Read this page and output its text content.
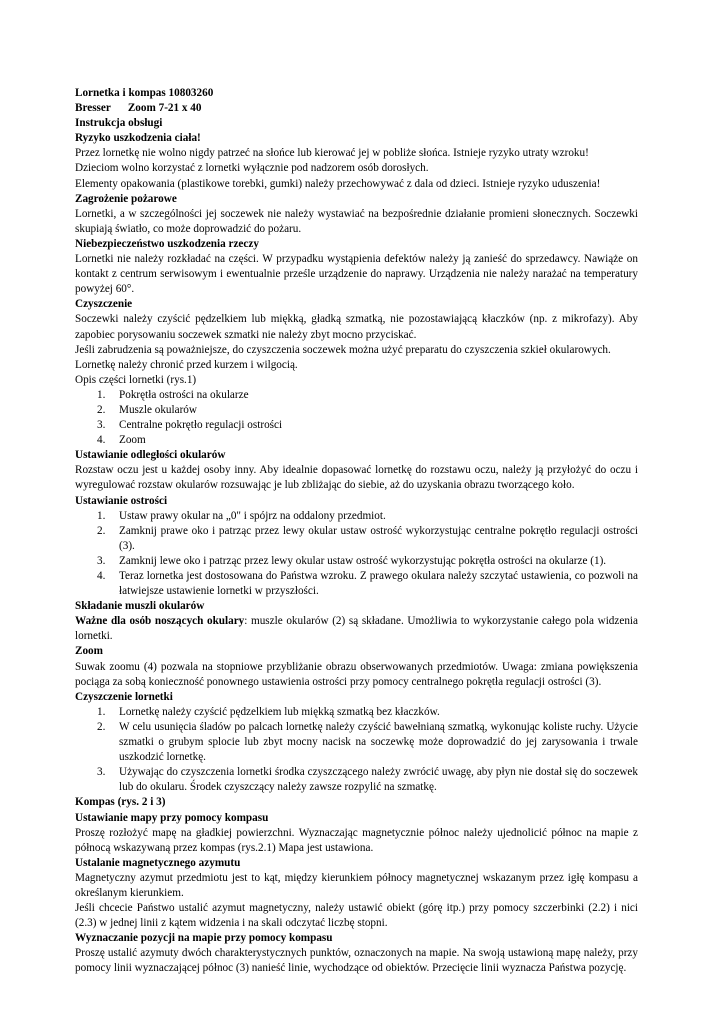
Lornetka i kompas 10803260
Bresser Zoom 7-21 x 40
Instrukcja obsługi
Ryzyko uszkodzenia ciała!

Przez lornetkę nie wolno nigdy patrzeć na słońce lub kierować jej w pobliże słońca. Istnieje ryzyko utraty wzroku!

Dzieciom wolno korzystać z lornetki wyłącznie pod nadzorem osób dorosłych.

Elementy opakowania (plastikowe torebki, gumki) należy przechowywać z dala od dzieci. Istnieje ryzyko uduszenia!

Zagrożenie pożarowe

Lornetki, a w szczególności jej soczewek nie należy wystawiać na bezpośrednie działanie promieni słonecznych. Soczewki skupiają światło, co może doprowadzić do pożaru.

Niebezpieczeństwo uszkodzenia rzeczy

Lornetki nie należy rozkładać na części. W przypadku wystąpienia defektów należy ją zanieść do sprzedawcy. Nawiąże on kontakt z centrum serwisowym i ewentualnie prześle urządzenie do naprawy. Urządzenia nie należy narażać na temperatury powyżej 60°.

Czyszczenie

Soczewki należy czyścić pędzelkiem lub miękką, gładką szmatką, nie pozostawiającą kłaczków (np. z mikrofazy). Aby zapobiec porysowaniu soczewek szmatki nie należy zbyt mocno przyciskać.

Jeśli zabrudzenia są poważniejsze, do czyszczenia soczewek można użyć preparatu do czyszczenia szkieł okularowych.

Lornetkę należy chronić przed kurzem i wilgocią.

Opis części lornetki (rys.1)

1. Pokrętła ostrości na okularze
2. Muszle okularów
3. Centralne pokrętło regulacji ostrości
4. Zoom
Ustawianie odległości okularów

Rozstaw oczu jest u każdej osoby inny. Aby idealnie dopasować lornetkę do rozstawu oczu, należy ją przyłożyć do oczu i wyregulować rozstaw okularów rozsuwając je lub zbliżając do siebie, aż do uzyskania obrazu tworzącego koło.

Ustawianie ostrości
1. Ustaw prawy okular na „0" i spójrz na oddalony przedmiot.
2. Zamknij prawe oko i patrząc przez lewy okular ustaw ostrość wykorzystując centralne pokrętło regulacji ostrości (3).
3. Zamknij lewe oko i patrząc przez lewy okular ustaw ostrość wykorzystując pokrętła ostrości na okularze (1).
4. Teraz lornetka jest dostosowana do Państwa wzroku. Z prawego okulara należy szczytać ustawienia, co pozwoli na łatwiejsze ustawienie lornetki w przyszłości.
Składanie muszli okularów

Ważne dla osób noszących okulary: muszle okularów (2) są składane. Umożliwia to wykorzystanie całego pola widzenia lornetki.

Zoom

Suwak zoomu (4) pozwala na stopniowe przybliżanie obrazu obserwowanych przedmiotów. Uwaga: zmiana powiększenia pociąga za sobą konieczność ponownego ustawienia ostrości przy pomocy centralnego pokrętła regulacji ostrości (3).

Czyszczenie lornetki
1. Lornetkę należy czyścić pędzelkiem lub miękką szmatką bez kłaczków.
2. W celu usunięcia śladów po palcach lornetkę należy czyścić bawełnianą szmatką, wykonując koliste ruchy. Użycie szmatki o grubym splocie lub zbyt mocny nacisk na soczewkę może doprowadzić do jej zarysowania i trwale uszkodzić lornetkę.
3. Używając do czyszczenia lornetki środka czyszczącego należy zwrócić uwagę, aby płyn nie dostał się do soczewek lub do okularu. Środek czyszczący należy zawsze rozpylić na szmatkę.
Kompas (rys. 2 i 3)
Ustawianie mapy przy pomocy kompasu

Proszę rozłożyć mapę na gładkiej powierzchni. Wyznaczając magnetycznie północ należy ujednolicić północ na mapie z północą wskazywaną przez kompas (rys.2.1) Mapa jest ustawiona.

Ustalanie magnetycznego azymutu

Magnetyczny azymut przedmiotu jest to kąt, między kierunkiem północy magnetycznej wskazanym przez igłę kompasu a określanym kierunkiem.

Jeśli chcecie Państwo ustalić azymut magnetyczny, należy ustawić obiekt (górę itp.) przy pomocy szczerbinki (2.2) i nici (2.3) w jednej linii z kątem widzenia i na skali odczytać liczbę stopni.

Wyznaczanie pozycji na mapie przy pomocy kompasu

Proszę ustalić azymuty dwóch charakterystycznych punktów, oznaczonych na mapie. Na swoją ustawioną mapę należy, przy pomocy linii wyznaczającej północ (3) nanieść linie, wychodzące od obiektów. Przecięcie linii wyznacza Państwa pozycję.
